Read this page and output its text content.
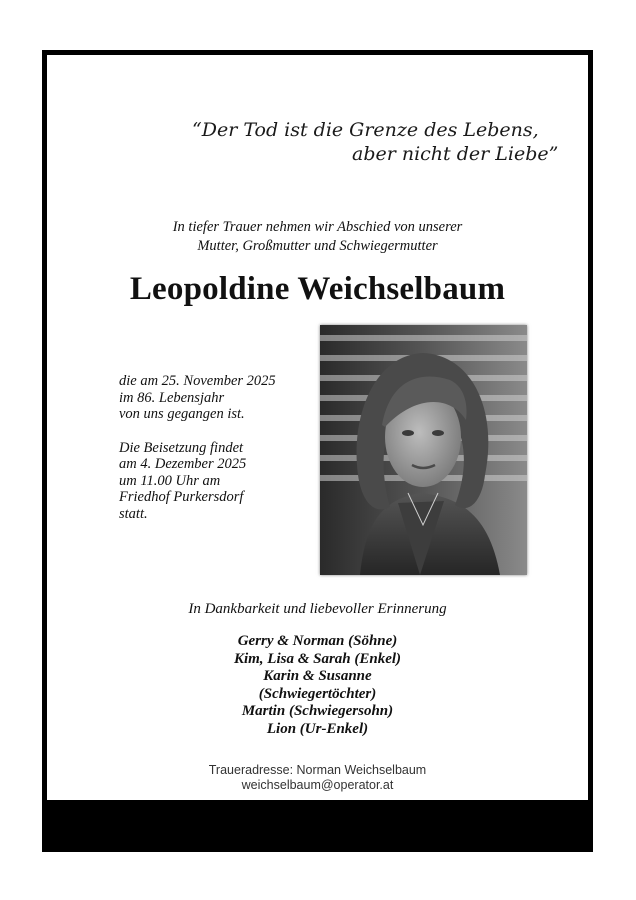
“Der Tod ist die Grenze des Lebens,
aber nicht der Liebe”
In tiefer Trauer nehmen wir Abschied von unserer
Mutter, Großmutter und Schwiegermutter
Leopoldine Weichselbaum
die am 25. November 2025
im 86. Lebensjahr
von uns gegangen ist.
Die Beisetzung findet
am 4. Dezember 2025
um 11.00 Uhr am
Friedhof Purkersdorf
statt.
In Dankbarkeit und liebevoller Erinnerung
Gerry & Norman (Söhne)
Kim, Lisa & Sarah (Enkel)
Karin & Susanne
(Schwiegertöchter)
Martin (Schwiegersohn)
Lion (Ur-Enkel)
Traueradresse: Norman Weichselbaum
weichselbaum@operator.at
